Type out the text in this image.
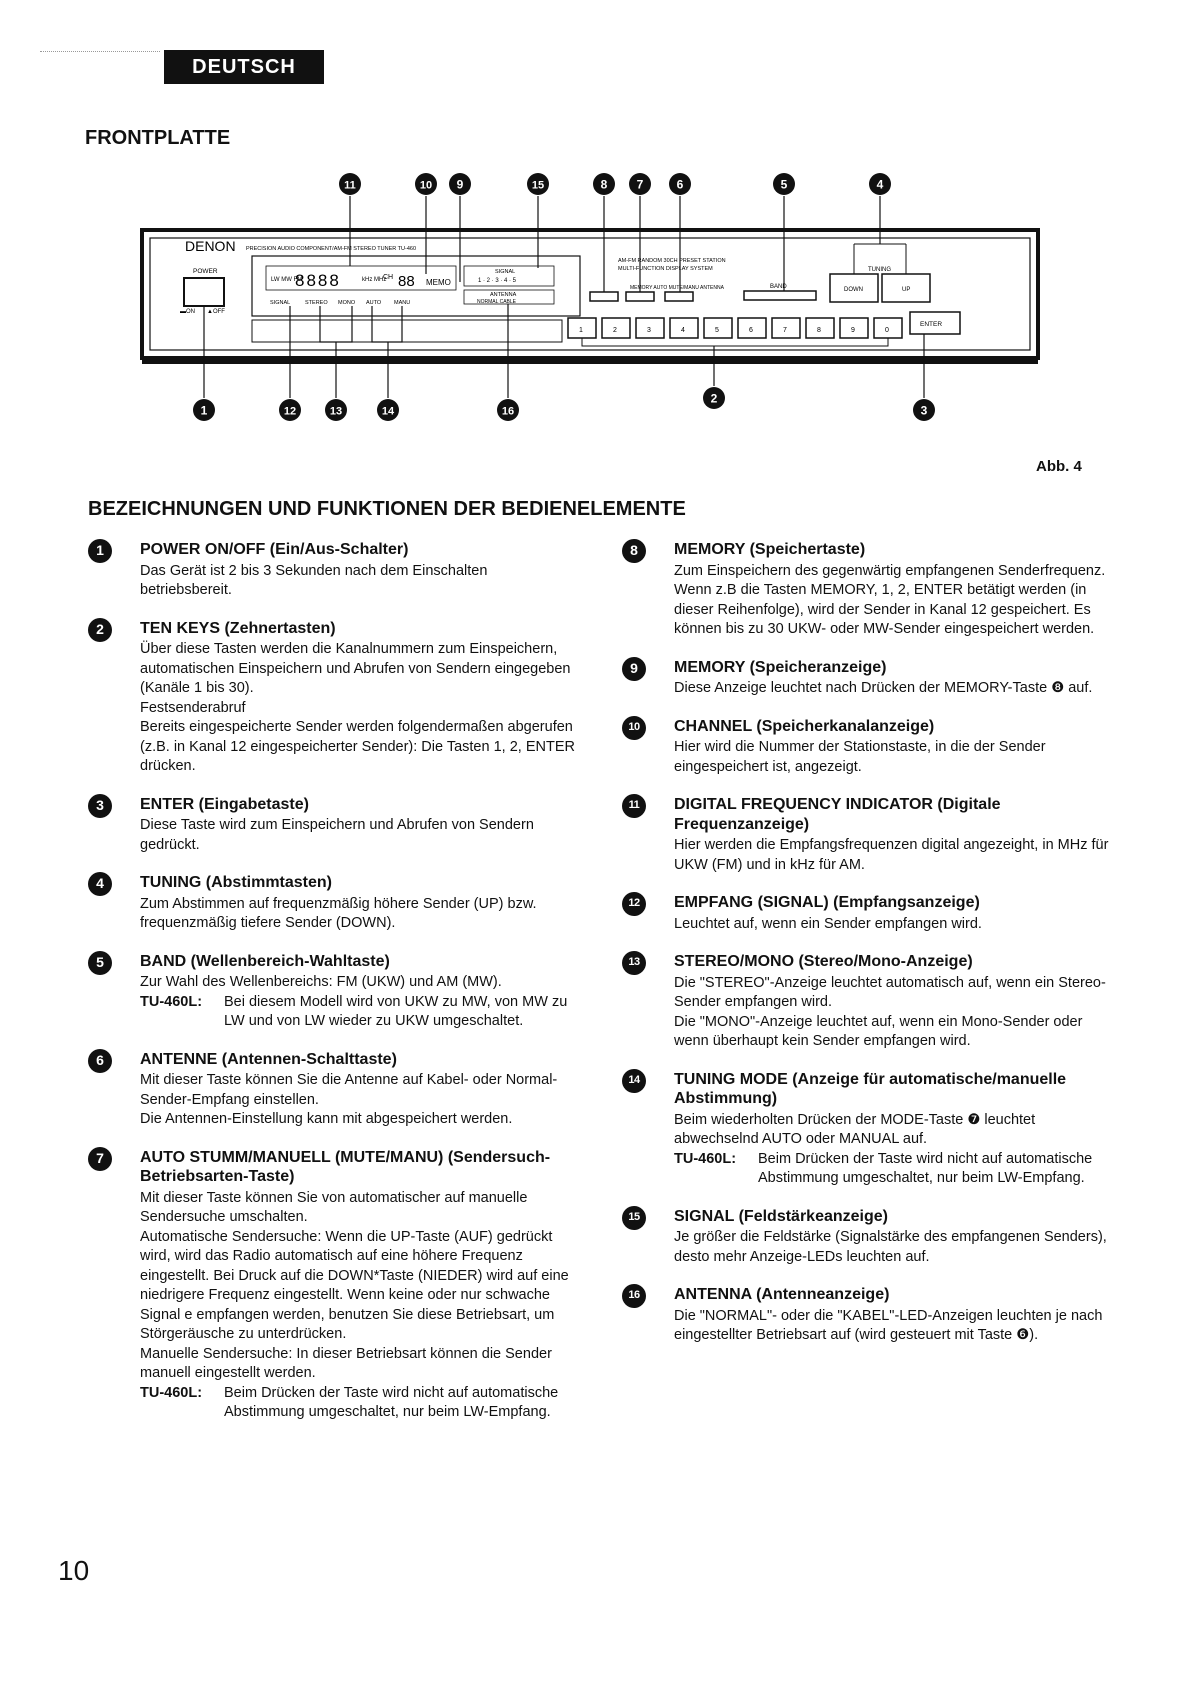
DEUTSCH
FRONTPLATTE
DENON PRECISION AUDIO COMPONENT/AM-FM STEREO TUNER TU-460
POWER
▬ON ▲OFF
LW MW FM
8888	kHz MHz
CH 88 MEMO
SIGNAL
1 · 2 · 3 · 4 · 5
ANTENNA
NORMAL CABLE
SIGNAL	STEREO MONO AUTO MANU
AM-FM RANDOM 30CH PRESET STATION
MULTI-FUNCTION DISPLAY SYSTEM
MEMORY AUTO MUTE/MANU ANTENNA	BAND
TUNING
DOWN	UP
1	2	3	4	5	6	7	8	9	0
ENTER
11	10 9	15	8 7	6	5	4
1	12	13	14	16
2
3
Abb. 4
BEZEICHNUNGEN UND FUNKTIONEN DER BEDIENELEMENTE
1	POWER ON/OFF (Ein/Aus-Schalter)

Das Gerät ist 2 bis 3 Sekunden nach dem Einschalten betriebsbereit.

2	TEN KEYS (Zehnertasten)

Über diese Tasten werden die Kanalnummern zum Einspeichern, automatischen Einspeichern und Abrufen von Sendern eingegeben (Kanäle 1 bis 30).

Festsenderabruf

Bereits eingespeicherte Sender werden folgendermaßen abgerufen (z.B. in Kanal 12 eingespeicherter Sender): Die Tasten 1, 2, ENTER drücken.

3	ENTER (Eingabetaste)

Diese Taste wird zum Einspeichern und Abrufen von Sendern gedrückt.

4	TUNING (Abstimmtasten)

Zum Abstimmen auf frequenzmäßig höhere Sender (UP) bzw. frequenzmäßig tiefere Sender (DOWN).

5	BAND (Wellenbereich-Wahltaste)

Zur Wahl des Wellenbereichs: FM (UKW) und AM (MW).

TU-460L:	Bei diesem Modell wird von UKW zu MW, von MW zu LW und von LW wieder zu UKW umgeschaltet.
6	ANTENNE (Antennen-Schalttaste)

Mit dieser Taste können Sie die Antenne auf Kabel- oder Normal-Sender-Empfang einstellen.

Die Antennen-Einstellung kann mit abgespeichert werden.

7	AUTO STUMM/MANUELL (MUTE/MANU) (Sendersuch-Betriebsarten-Taste)

Mit dieser Taste können Sie von automatischer auf manuelle Sendersuche umschalten.

Automatische Sendersuche: Wenn die UP-Taste (AUF) gedrückt wird, wird das Radio automatisch auf eine höhere Frequenz eingestellt. Bei Druck auf die DOWN*Taste (NIEDER) wird auf eine niedrigere Frequenz eingestellt. Wenn keine oder nur schwache Signal e empfangen werden, benutzen Sie diese Betriebsart, um Störgeräusche zu unterdrücken.

Manuelle Sendersuche: In dieser Betriebsart können die Sender manuell eingestellt werden.

TU-460L:	Beim Drücken der Taste wird nicht auf automatische Abstimmung umgeschaltet, nur beim LW-Empfang.
8	MEMORY (Speichertaste)

Zum Einspeichern des gegenwärtig empfangenen Senderfrequenz.

Wenn z.B die Tasten MEMORY, 1, 2, ENTER betätigt werden (in dieser Reihenfolge), wird der Sender in Kanal 12 gespeichert. Es können bis zu 30 UKW- oder MW-Sender eingespeichert werden.

9	MEMORY (Speicheranzeige)

Diese Anzeige leuchtet nach Drücken der MEMORY-Taste ❽ auf.

10	CHANNEL (Speicherkanalanzeige)

Hier wird die Nummer der Stationstaste, in die der Sender eingespeichert ist, angezeigt.

11	DIGITAL FREQUENCY INDICATOR (Digitale Frequenzanzeige)

Hier werden die Empfangsfrequenzen digital angezeight, in MHz für UKW (FM) und in kHz für AM.

12	EMPFANG (SIGNAL) (Empfangsanzeige)

Leuchtet auf, wenn ein Sender empfangen wird.

13	STEREO/MONO (Stereo/Mono-Anzeige)

Die "STEREO"-Anzeige leuchtet automatisch auf, wenn ein Stereo-Sender empfangen wird.

Die "MONO"-Anzeige leuchtet auf, wenn ein Mono-Sender oder wenn überhaupt kein Sender empfangen wird.

14	TUNING MODE (Anzeige für automatische/manuelle Abstimmung)

Beim wiederholten Drücken der MODE-Taste ❼ leuchtet abwechselnd AUTO oder MANUAL auf.

TU-460L:	Beim Drücken der Taste wird nicht auf automatische Abstimmung umgeschaltet, nur beim LW-Empfang.
15	SIGNAL (Feldstärkeanzeige)

Je größer die Feldstärke (Signalstärke des empfangenen Senders), desto mehr Anzeige-LEDs leuchten auf.

16	ANTENNA (Antenneanzeige)

Die "NORMAL"- oder die "KABEL"-LED-Anzeigen leuchten je nach eingestellter Betriebsart auf (wird gesteuert mit Taste ❻).

10
